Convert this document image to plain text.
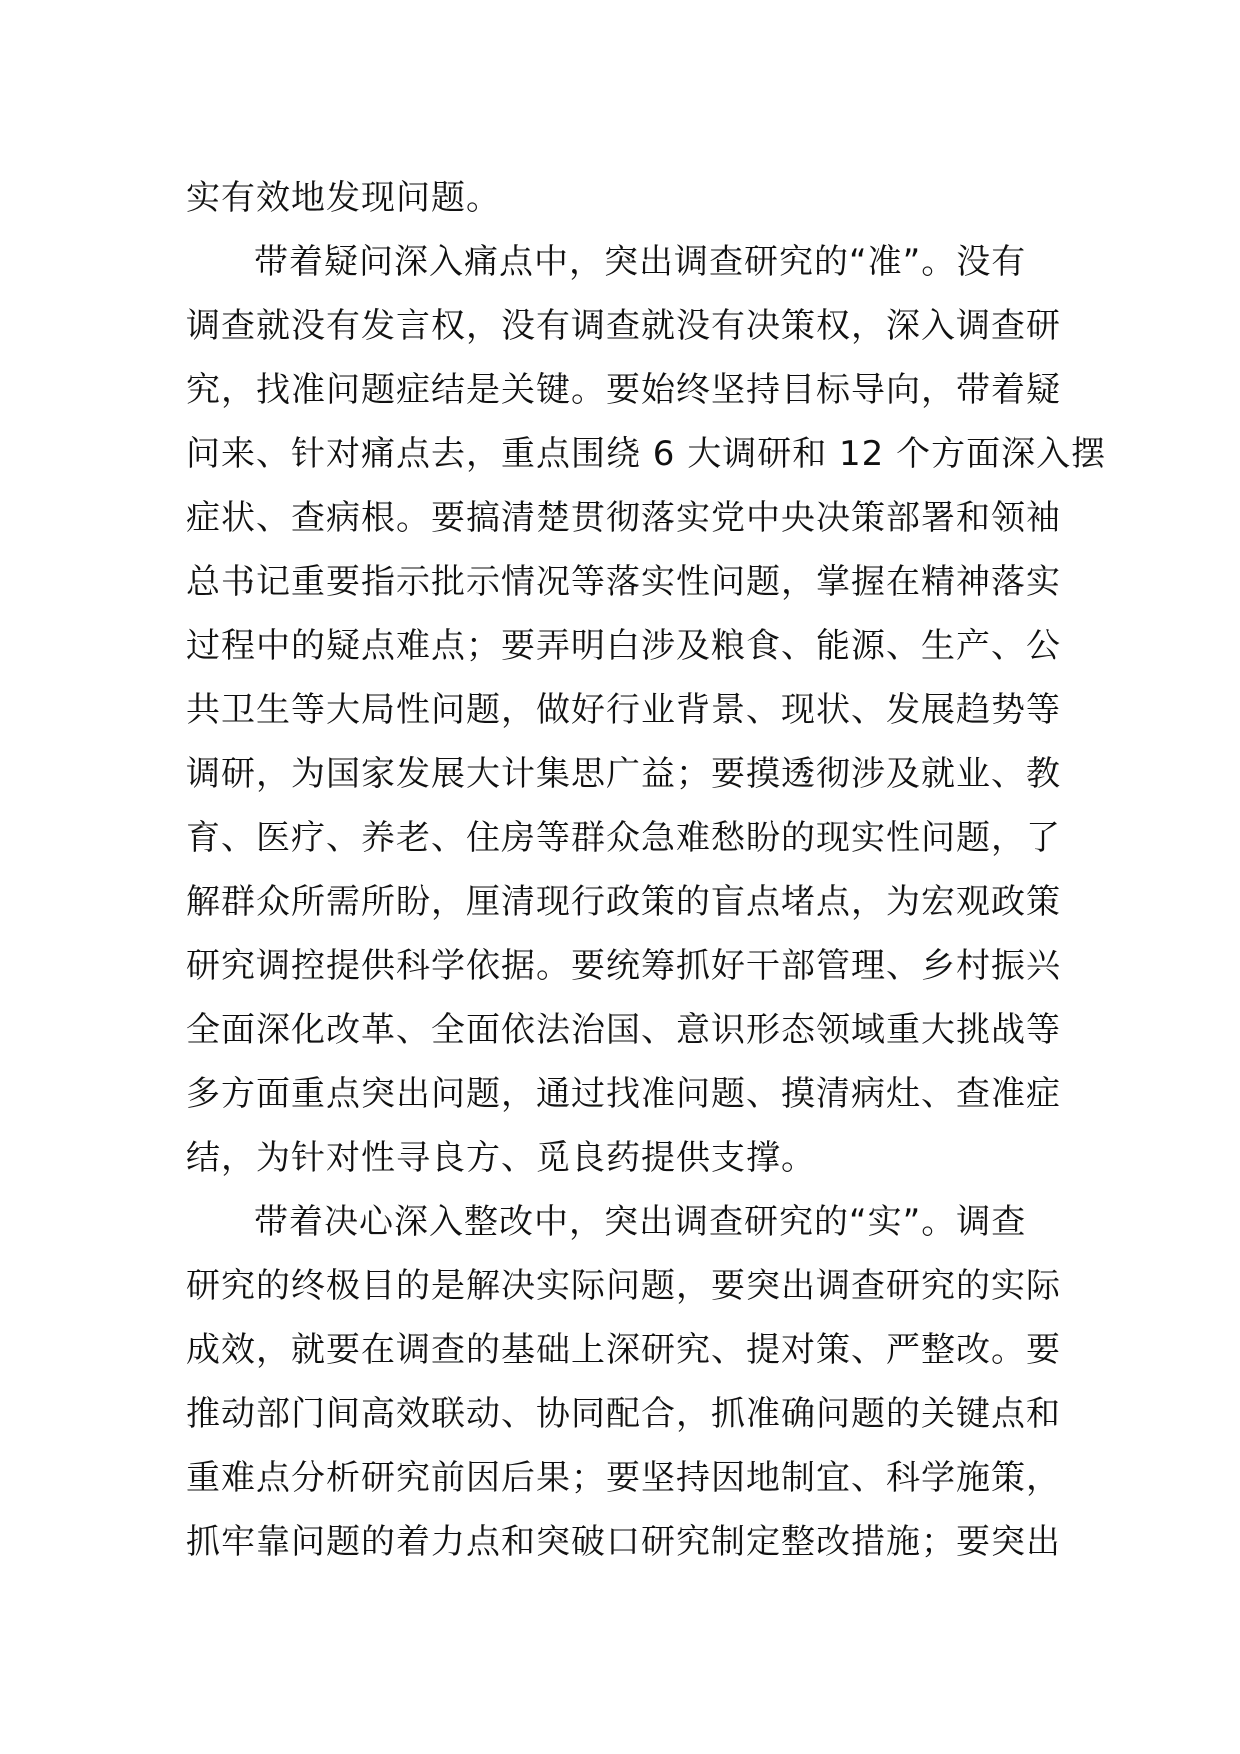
实有效地发现问题。
带着疑问深入痛点中，突出调查研究的“准”。没有
调查就没有发言权，没有调查就没有决策权，深入调查研
究，找准问题症结是关键。要始终坚持目标导向，带着疑
问来、针对痛点去，重点围绕 6 大调研和 12 个方面深入摆
症状、查病根。要搞清楚贯彻落实党中央决策部署和领袖
总书记重要指示批示情况等落实性问题，掌握在精神落实
过程中的疑点难点；要弄明白涉及粮食、能源、生产、公
共卫生等大局性问题，做好行业背景、现状、发展趋势等
调研，为国家发展大计集思广益；要摸透彻涉及就业、教
育、医疗、养老、住房等群众急难愁盼的现实性问题，了
解群众所需所盼，厘清现行政策的盲点堵点，为宏观政策
研究调控提供科学依据。要统筹抓好干部管理、乡村振兴
全面深化改革、全面依法治国、意识形态领域重大挑战等
多方面重点突出问题，通过找准问题、摸清病灶、查准症
结，为针对性寻良方、觅良药提供支撑。
带着决心深入整改中，突出调查研究的“实”。调查
研究的终极目的是解决实际问题，要突出调查研究的实际
成效，就要在调查的基础上深研究、提对策、严整改。要
推动部门间高效联动、协同配合，抓准确问题的关键点和
重难点分析研究前因后果；要坚持因地制宜、科学施策，
抓牢靠问题的着力点和突破口研究制定整改措施；要突出
